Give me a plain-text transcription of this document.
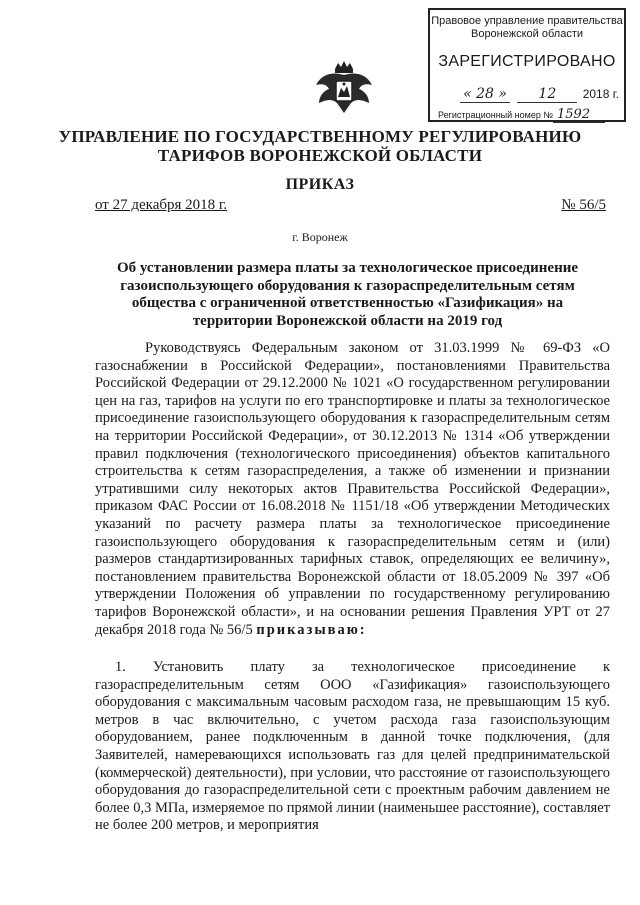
Правовое управление правительства
Воронежской области
ЗАРЕГИСТРИРОВАНО
« 28 » 12 2018 г.
Регистрационный номер № 1592
УПРАВЛЕНИЕ ПО ГОСУДАРСТВЕННОМУ РЕГУЛИРОВАНИЮ
ТАРИФОВ ВОРОНЕЖСКОЙ ОБЛАСТИ
ПРИКАЗ
от 27 декабря 2018 г.	№ 56/5
г. Воронеж
Об установлении размера платы за технологическое присоединение
газоиспользующего оборудования к газораспределительным сетям
общества с ограниченной ответственностью «Газификация» на
территории Воронежской области на 2019 год

Руководствуясь Федеральным законом от 31.03.1999 № 69-ФЗ «О газоснабжении в Российской Федерации», постановлениями Правительства Российской Федерации от 29.12.2000 № 1021 «О государственном регулировании цен на газ, тарифов на услуги по его транспортировке и платы за технологическое присоединение газоиспользующего оборудования к газораспределительным сетям на территории Российской Федерации», от 30.12.2013 № 1314 «Об утверждении правил подключения (технологического присоединения) объектов капитального строительства к сетям газораспределения, а также об изменении и признании утратившими силу некоторых актов Правительства Российской Федерации», приказом ФАС России от 16.08.2018 № 1151/18 «Об утверждении Методических указаний по расчету размера платы за технологическое присоединение газоиспользующего оборудования к газораспределительным сетям и (или) размеров стандартизированных тарифных ставок, определяющих ее величину», постановлением правительства Воронежской области от 18.05.2009 № 397 «Об утверждении Положения об управлении по государственному регулированию тарифов Воронежской области», и на основании решения Правления УРТ от 27 декабря 2018 года № 56/5 приказываю:

1. Установить плату за технологическое присоединение к газораспределительным сетям ООО «Газификация» газоиспользующего оборудования с максимальным часовым расходом газа, не превышающим 15 куб. метров в час включительно, с учетом расхода газа газоиспользующим оборудованием, ранее подключенным в данной точке подключения, (для Заявителей, намеревающихся использовать газ для целей предпринимательской (коммерческой) деятельности), при условии, что расстояние от газоиспользующего оборудования до газораспределительной сети с проектным рабочим давлением не более 0,3 МПа, измеряемое по прямой линии (наименьшее расстояние), составляет не более 200 метров, и мероприятия
